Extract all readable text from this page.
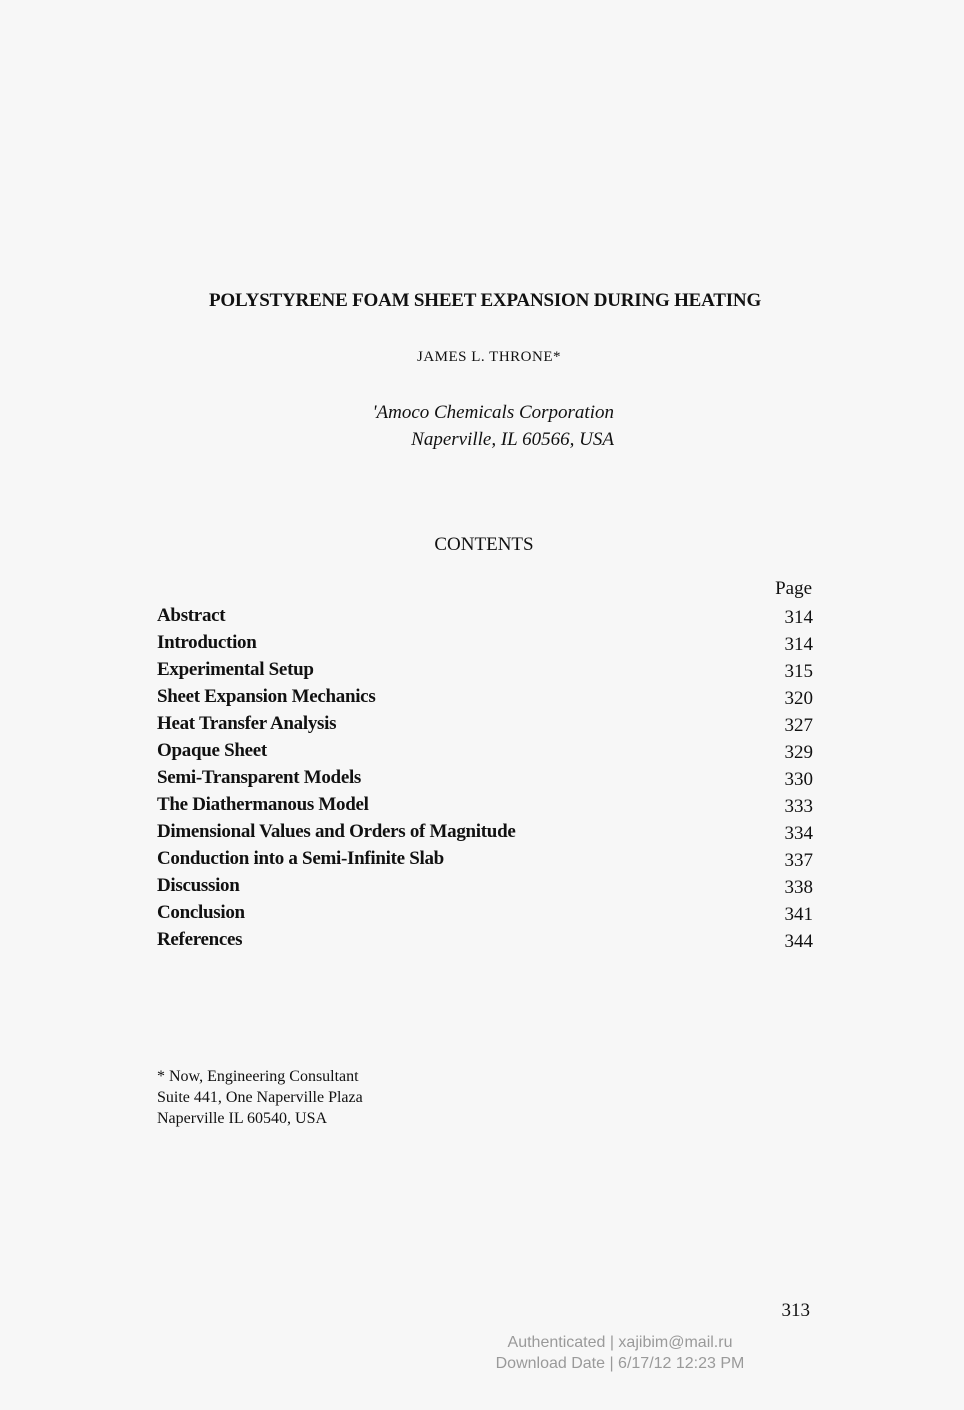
POLYSTYRENE FOAM SHEET EXPANSION DURING HEATING
JAMES L. THRONE*
'Amoco Chemicals Corporation
Naperville, IL 60566, USA
CONTENTS
Page
Abstract	314
Introduction	314
Experimental Setup	315
Sheet Expansion Mechanics	320
Heat Transfer Analysis	327
Opaque Sheet	329
Semi-Transparent Models	330
The Diathermanous Model	333
Dimensional Values and Orders of Magnitude	334
Conduction into a Semi-Infinite Slab	337
Discussion	338
Conclusion	341
References	344
* Now, Engineering Consultant
Suite 441, One Naperville Plaza
Naperville IL 60540, USA
313
Authenticated | xajibim@mail.ru
Download Date | 6/17/12 12:23 PM
